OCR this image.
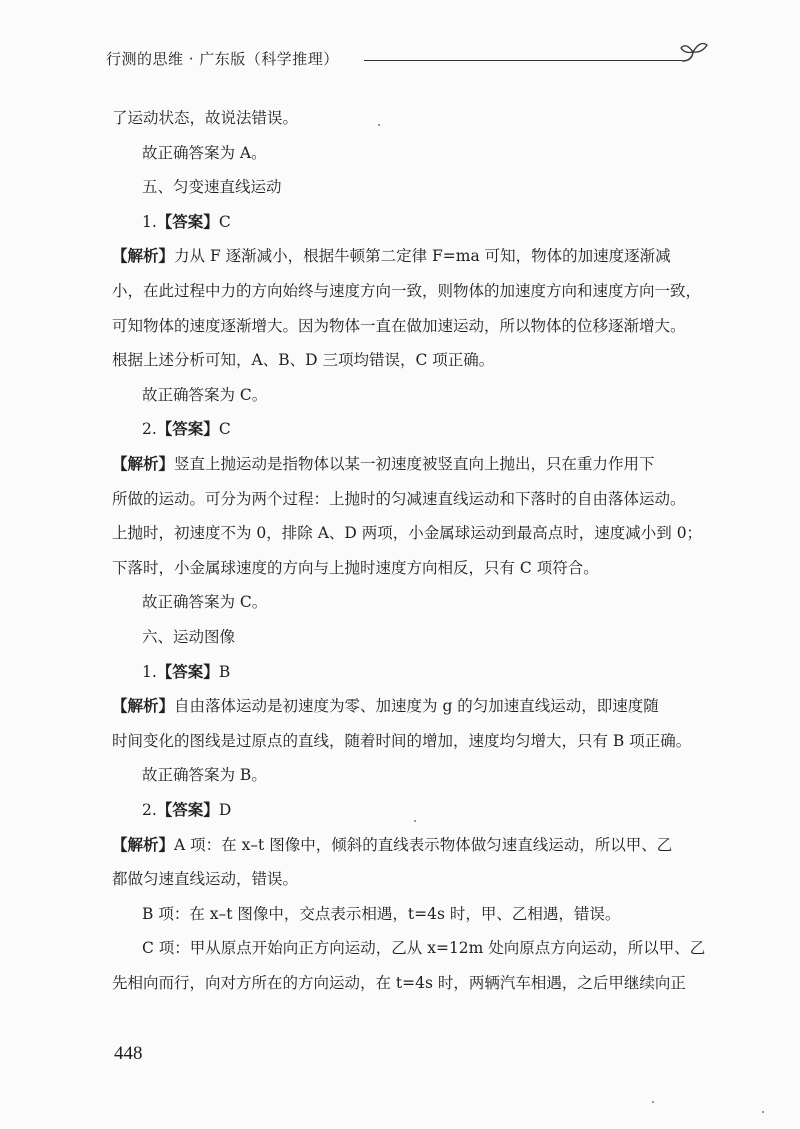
行测的思维 · 广东版（科学推理）
了运动状态，故说法错误。
故正确答案为 A。
五、匀变速直线运动
1.【答案】C
【解析】力从 F 逐渐减小，根据牛顿第二定律 F=ma 可知，物体的加速度逐渐减
小，在此过程中力的方向始终与速度方向一致，则物体的加速度方向和速度方向一致，
可知物体的速度逐渐增大。因为物体一直在做加速运动，所以物体的位移逐渐增大。
根据上述分析可知，A、B、D 三项均错误，C 项正确。
故正确答案为 C。
2.【答案】C
【解析】竖直上抛运动是指物体以某一初速度被竖直向上抛出，只在重力作用下
所做的运动。可分为两个过程：上抛时的匀减速直线运动和下落时的自由落体运动。
上抛时，初速度不为 0，排除 A、D 两项，小金属球运动到最高点时，速度减小到 0；
下落时，小金属球速度的方向与上抛时速度方向相反，只有 C 项符合。
故正确答案为 C。
六、运动图像
1.【答案】B
【解析】自由落体运动是初速度为零、加速度为 g 的匀加速直线运动，即速度随
时间变化的图线是过原点的直线，随着时间的增加，速度均匀增大，只有 B 项正确。
故正确答案为 B。
2.【答案】D
【解析】A 项：在 x–t 图像中，倾斜的直线表示物体做匀速直线运动，所以甲、乙
都做匀速直线运动，错误。
B 项：在 x–t 图像中，交点表示相遇，t=4s 时，甲、乙相遇，错误。
C 项：甲从原点开始向正方向运动，乙从 x=12m 处向原点方向运动，所以甲、乙
先相向而行，向对方所在的方向运动，在 t=4s 时，两辆汽车相遇，之后甲继续向正
448
